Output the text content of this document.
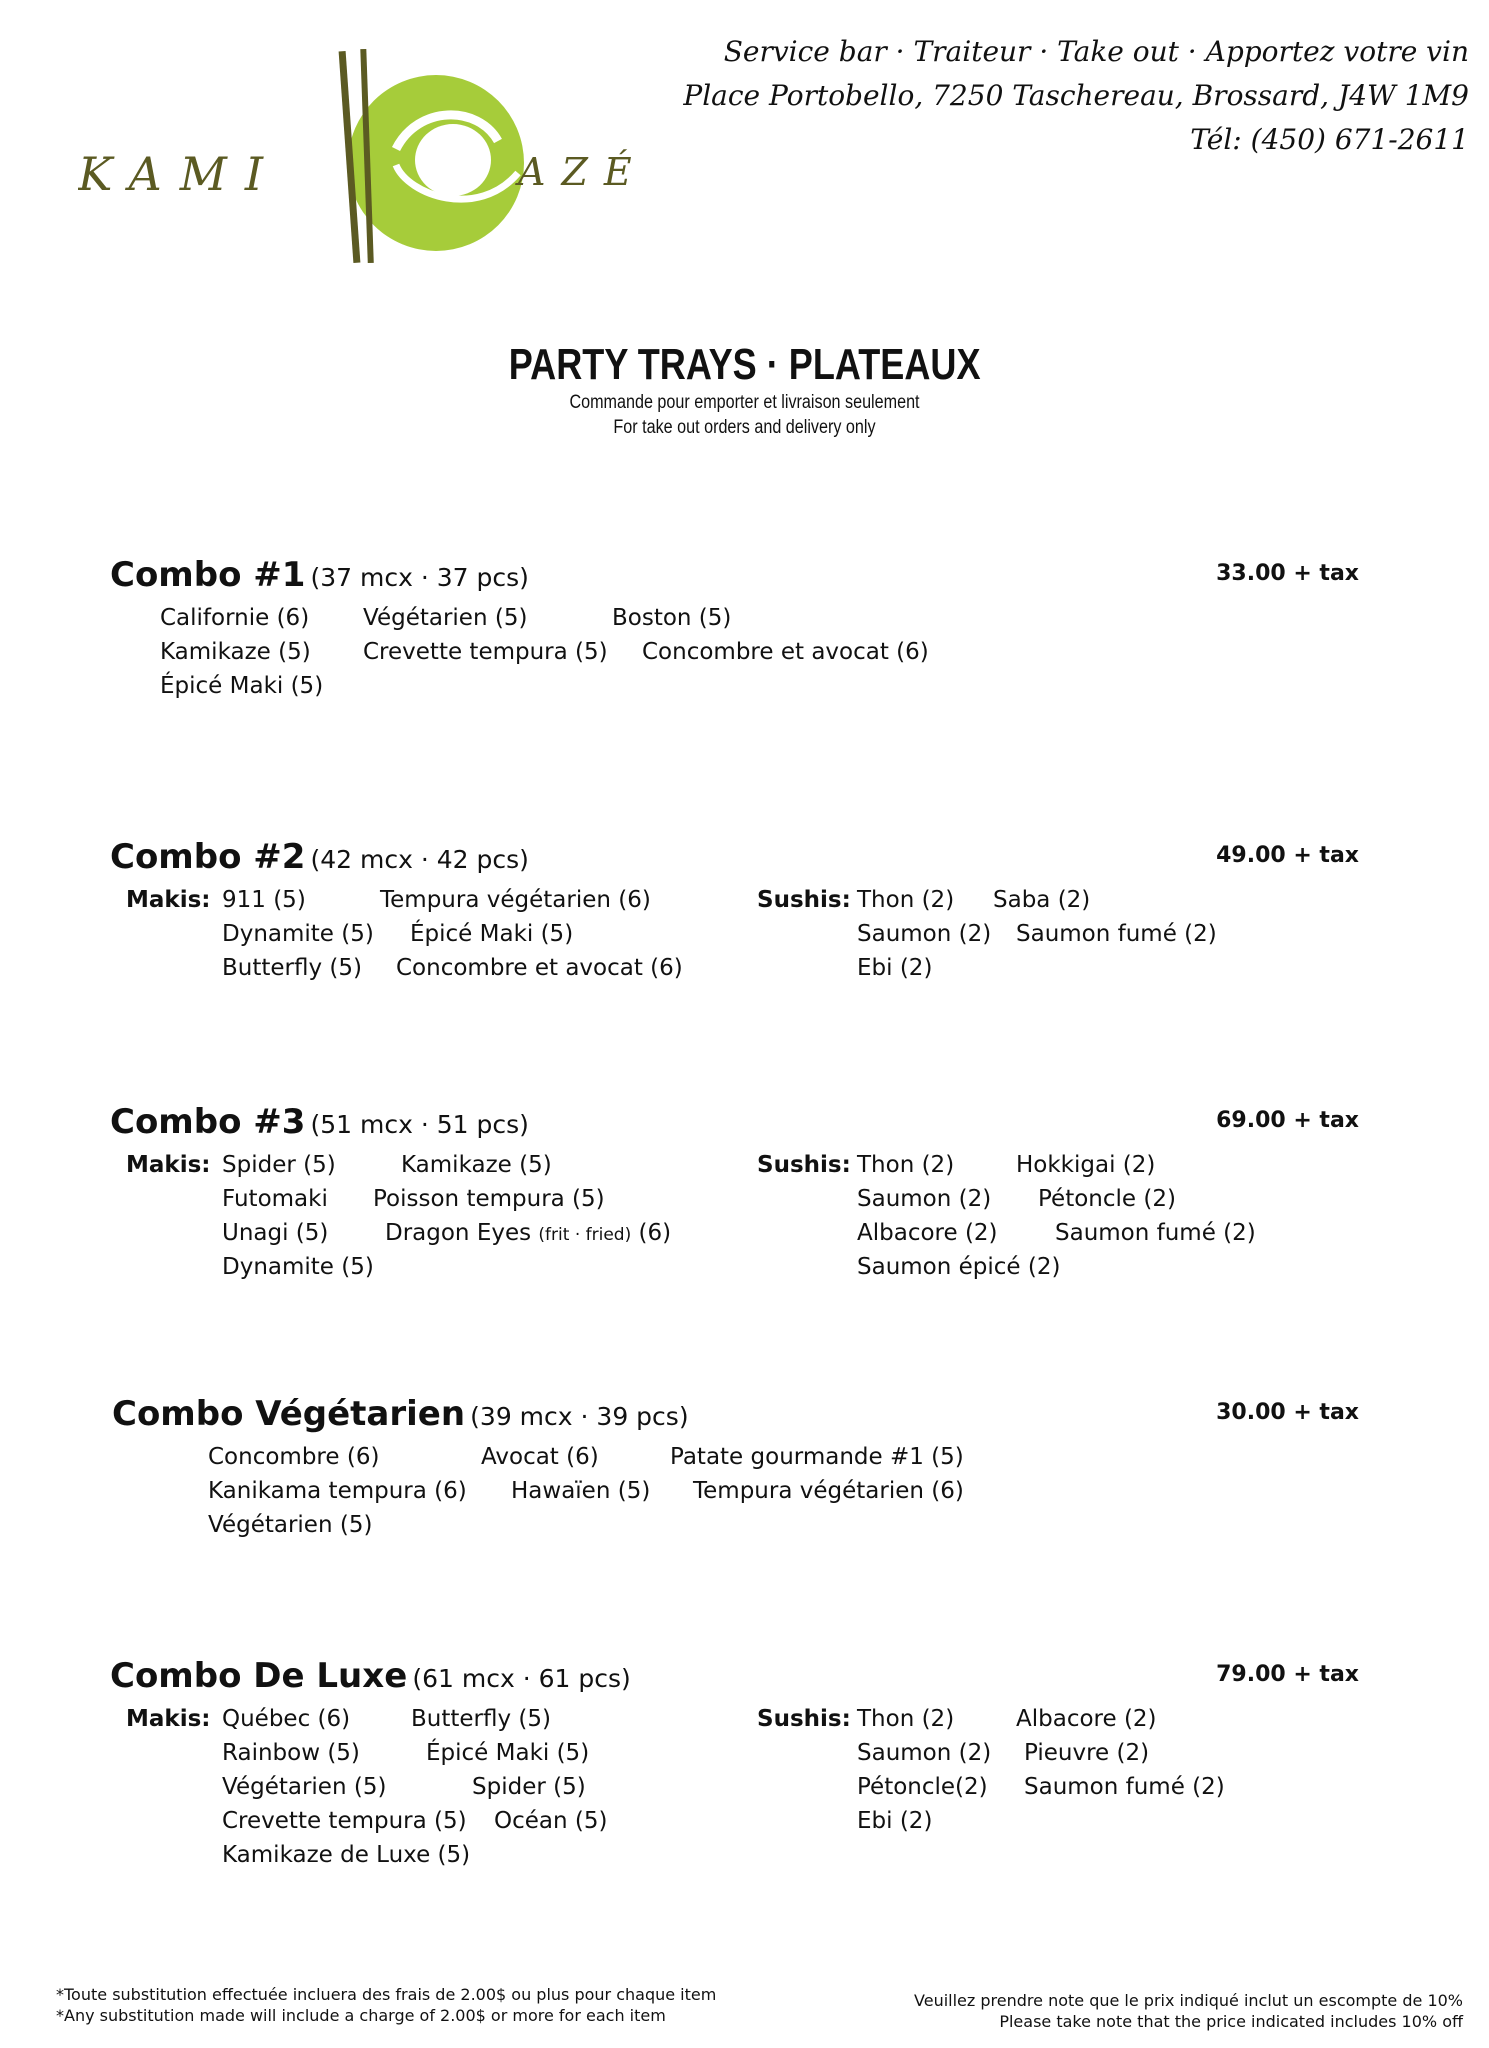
KAMI	AZÉ
Service bar · Traiteur · Take out · Apportez votre vin
Place Portobello, 7250 Taschereau, Brossard, J4W 1M9
Tél: (450) 671-2611
PARTY TRAYS · PLATEAUX
Commande pour emporter et livraison seulement
For take out orders and delivery only
Combo #1 (37 mcx · 37 pcs)	33.00 + tax
Californie (6) Végétarien (5)	Boston (5)
Kamikaze (5) Crevette tempura (5) Concombre et avocat (6)
Épicé Maki (5)
Combo #2 (42 mcx · 42 pcs)	49.00 + tax
Makis: 911 (5)	Tempura végétarien (6)
Dynamite (5) Épicé Maki (5)
Butterfly (5) Concombre et avocat (6)
Sushis: Thon (2) Saba (2)
Saumon (2) Saumon fumé (2)
Ebi (2)
Combo #3 (51 mcx · 51 pcs)	69.00 + tax
Makis: Spider (5)	Kamikaze (5)
Futomaki Poisson tempura (5)
Unagi (5) Dragon Eyes (frit · fried) (6)
Dynamite (5)
Sushis: Thon (2)	Hokkigai (2)
Saumon (2) Pétoncle (2)
Albacore (2) Saumon fumé (2)
Saumon épicé (2)
Combo Végétarien (39 mcx · 39 pcs)	30.00 + tax
Concombre (6)	Avocat (6)	Patate gourmande #1 (5)
Kanikama tempura (6) Hawaïen (5) Tempura végétarien (6)
Végétarien (5)
Combo De Luxe (61 mcx · 61 pcs)	79.00 + tax
Makis: Québec (6)	Butterfly (5)
Rainbow (5)	Épicé Maki (5)
Végétarien (5)	Spider (5)
Crevette tempura (5) Océan (5)
Kamikaze de Luxe (5)
Sushis: Thon (2)	Albacore (2)
Saumon (2) Pieuvre (2)
Pétoncle(2) Saumon fumé (2)
Ebi (2)
*Toute substitution effectuée incluera des frais de 2.00$ ou plus pour chaque item
*Any substitution made will include a charge of 2.00$ or more for each item
Veuillez prendre note que le prix indiqué inclut un escompte de 10%
Please take note that the price indicated includes 10% off
